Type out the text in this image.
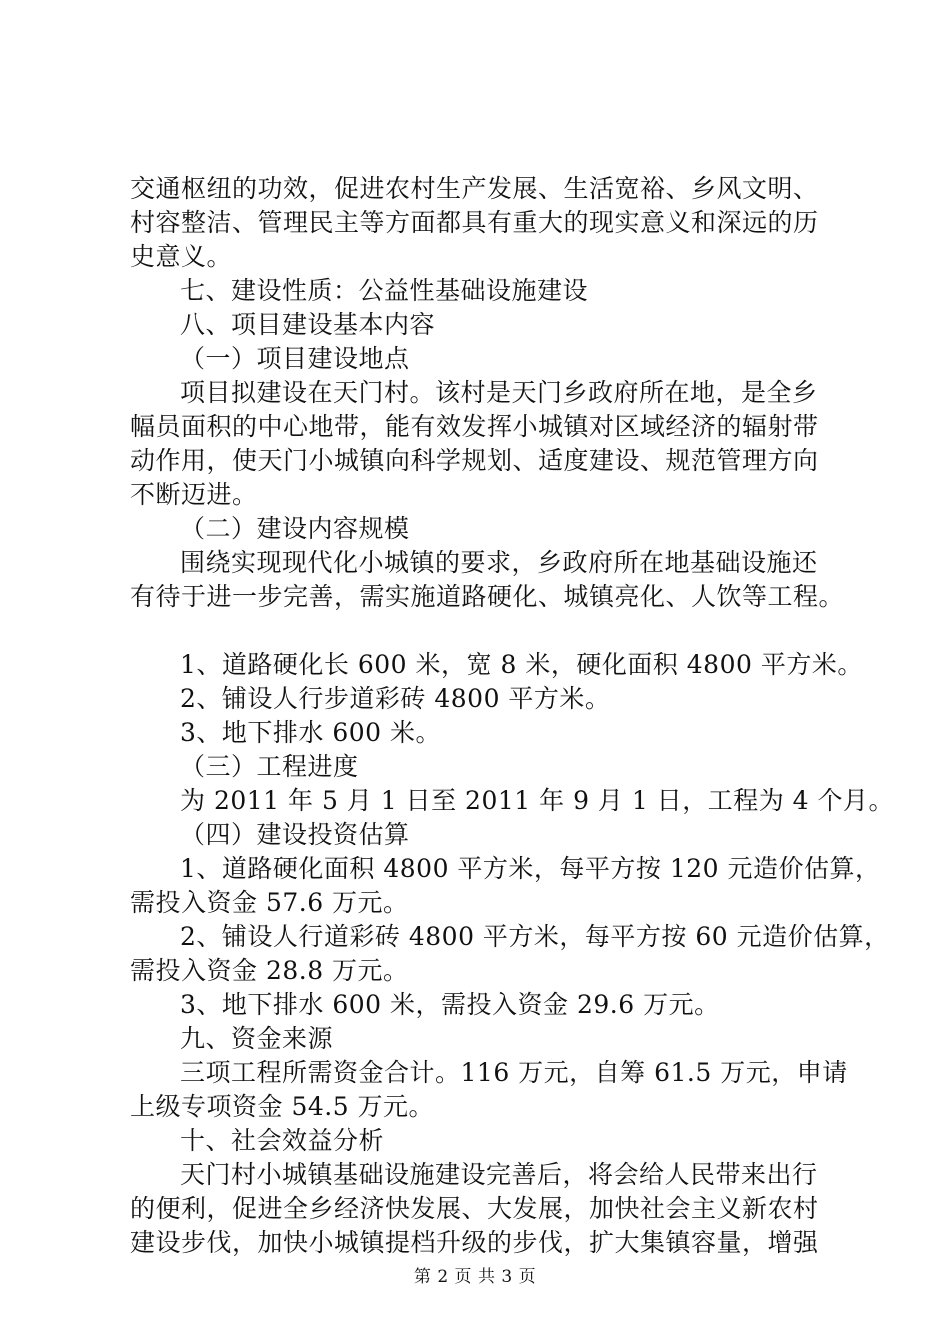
交通枢纽的功效，促进农村生产发展、生活宽裕、乡风文明、
村容整洁、管理民主等方面都具有重大的现实意义和深远的历
史意义。
七、建设性质：公益性基础设施建设
八、项目建设基本内容
（一）项目建设地点
项目拟建设在天门村。该村是天门乡政府所在地，是全乡
幅员面积的中心地带，能有效发挥小城镇对区域经济的辐射带
动作用，使天门小城镇向科学规划、适度建设、规范管理方向
不断迈进。
（二）建设内容规模
围绕实现现代化小城镇的要求，乡政府所在地基础设施还
有待于进一步完善，需实施道路硬化、城镇亮化、人饮等工程。
1、道路硬化长 600 米，宽 8 米，硬化面积 4800 平方米。
2、铺设人行步道彩砖 4800 平方米。
3、地下排水 600 米。
（三）工程进度
为 2011 年 5 月 1 日至 2011 年 9 月 1 日，工程为 4 个月。
（四）建设投资估算
1、道路硬化面积 4800 平方米，每平方按 120 元造价估算，
需投入资金 57.6 万元。
2、铺设人行道彩砖 4800 平方米，每平方按 60 元造价估算，
需投入资金 28.8 万元。
3、地下排水 600 米，需投入资金 29.6 万元。
九、资金来源
三项工程所需资金合计。116 万元，自筹 61.5 万元，申请
上级专项资金 54.5 万元。
十、社会效益分析
天门村小城镇基础设施建设完善后，将会给人民带来出行
的便利，促进全乡经济快发展、大发展，加快社会主义新农村
建设步伐，加快小城镇提档升级的步伐，扩大集镇容量，增强
第 2 页 共 3 页
